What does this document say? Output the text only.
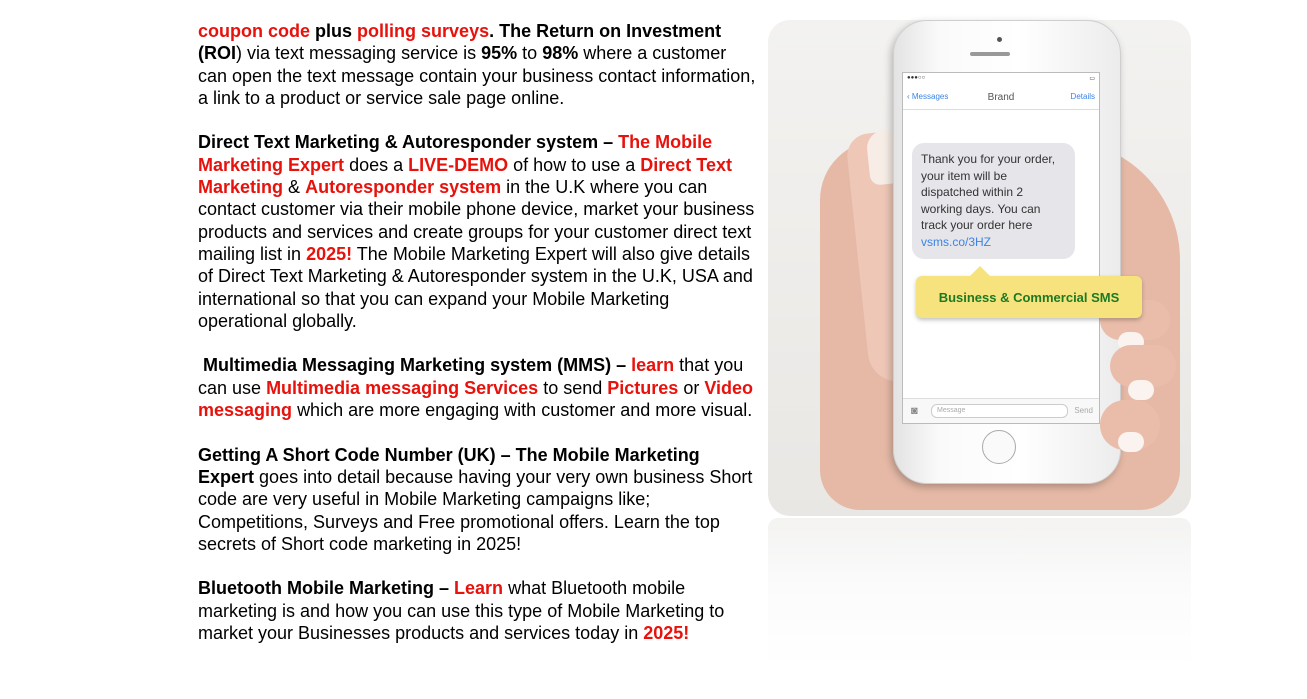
coupon code plus polling surveys. The Return on Investment (ROI) via text messaging service is 95% to 98% where a customer can open the text message contain your business contact information, a link to a product or service sale page online.

Direct Text Marketing & Autoresponder system – The Mobile Marketing Expert does a LIVE-DEMO of how to use a Direct Text Marketing & Autoresponder system in the U.K where you can contact customer via their mobile phone device, market your business products and services and create groups for your customer direct text mailing list in 2025! The Mobile Marketing Expert will also give details of Direct Text Marketing & Autoresponder system in the U.K, USA and international so that you can expand your Mobile Marketing operational globally.

Multimedia Messaging Marketing system (MMS) – learn that you can use Multimedia messaging Services to send Pictures or Video messaging which are more engaging with customer and more visual.

Getting A Short Code Number (UK) – The Mobile Marketing Expert goes into detail because having your very own business Short code are very useful in Mobile Marketing campaigns like; Competitions, Surveys and Free promotional offers. Learn the top secrets of Short code marketing in 2025!

Bluetooth Mobile Marketing – Learn what Bluetooth mobile marketing is and how you can use this type of Mobile Marketing to market your Businesses products and services today in 2025!

●●●○○	▭
‹ Messages	Brand	Details
Thank you for your order, your item will be dispatched within 2 working days. You can track your order here vsms.co/3HZ
◙	Message	Send
Business & Commercial SMS
